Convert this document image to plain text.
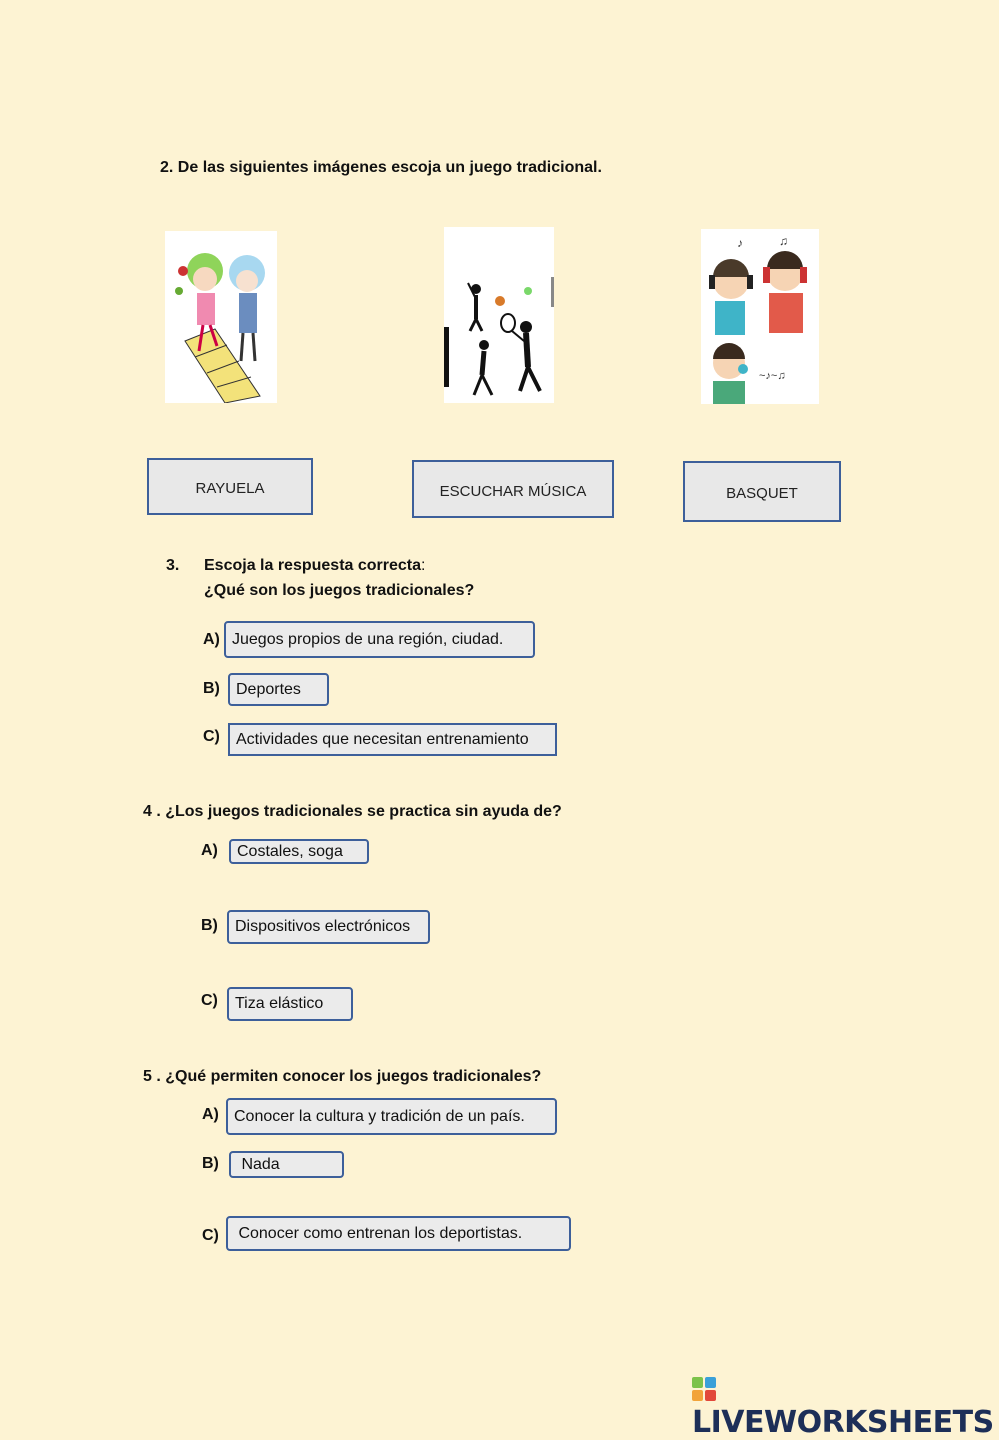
2. De las siguientes imágenes escoja un juego tradicional.
♪	♫
~♪~♫
RAYUELA	ESCUCHAR MÚSICA	BASQUET
3. Escoja la respuesta correcta:
¿Qué son los juegos tradicionales?
A) Juegos propios de una región, ciudad.
B)	Deportes
C)	Actividades que necesitan entrenamiento
4 . ¿Los juegos tradicionales se practica sin ayuda de?
A)	Costales, soga
B)	Dispositivos electrónicos
C)	Tiza elástico
5 . ¿Qué permiten conocer los juegos tradicionales?
A) Conocer la cultura y tradición de un país.
B)	Nada
C) Conocer como entrenan los deportistas.
LIVEWORKSHEETS
